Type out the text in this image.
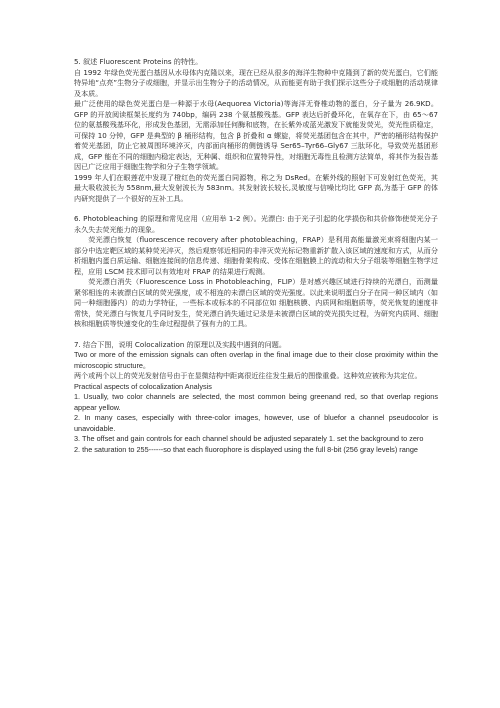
5. 叙述 Fluorescent Proteins 的特性。

自 1992 年绿色荧光蛋白基因从水母体内克隆以来，现在已经从很多的海洋生物种中克隆到了新的荧光蛋白，它们能特异地“点亮”生物分子或细胞，并显示出生物分子的活动情况，从而能更有助于我们探示这些分子或细胞的活动规律及本质。

最广泛使用的绿色荧光蛋白是一种源于水母(Aequorea Victoria)等海洋无脊椎动物的蛋白，分子量为 26.9KD。GFP 的开放阅读框架长度约为 740bp，编码 238 个氨基酸残基。GFP 表达后折叠环化，在氧存在下，由 65～67 位的氨基酸残基环化，形成发色基团，无需添加任何酶和底物，在长紫外或蓝光激发下就能发荧光，荧光性质稳定，可保持 10 分钟，GFP 是典型的 β 桶形结构，包含 β 折叠和 α 螺旋，将荧光基团包含在其中，严密的桶形结构保护着荧光基团，防止它被周围环境淬灭，内部面向桶形的侧链诱导 Ser65–Tyr66–Gly67 三肽环化，导致荧光基团形成，GFP 能在不同的细胞内稳定表达，无种属、组织和位置特异性，对细胞无毒性且检测方法简单，将其作为报告基因已广泛应用于细胞生物学和分子生物学领域。

1999 年人们在眼莲花中发现了橙红色的荧光蛋白同源物，称之为 DsRed。在紫外线的照射下可发射红色荧光，其最大吸收波长为 558nm,最大发射波长为 583nm。其发射波长较长,灵敏度与信噪比均比 GFP 高,为基于 GFP 的体内研究提供了一个很好的互补工具。

6. Photobleaching 的原理和常见应用（应用举 1-2 例）。光漂白: 由于光子引起的化学损伤和共价修饰使荧光分子永久失去荧光能力的现象。

荧光漂白恢复（fluorescence recovery after photobleaching，FRAP）是利用高能量激光束将细胞内某一部分中选定靶区域的某种荧光淬灭，然后观察邻近相同的非淬灭荧光标记物重新扩散入该区域的速度和方式，从而分析细胞内蛋白质运输、细胞连接间的信息传递、细胞骨架构成、受体在细胞膜上的流动和大分子组装等细胞生物学过程，应用 LSCM 技术即可以有效地对 FRAP 的结果进行观测。

荧光漂白消失（Fluorescence Loss in Photobleaching，FLIP）是对感兴趣区域进行持续的光漂白，而测量紧邻相连的未被漂白区域的荧光强度，或不相连的未漂白区域的荧光强度。以此来说明蛋白分子在同一种区域内（如同一种细胞器内）的动力学特征，一些标本或标本的不同部位如 细胞核膜、内质网和细胞质等，荧光恢复的速度非常快，荧光漂白与恢复几乎同时发生，荧光漂白消失通过记录是未被漂白区域的荧光损失过程，为研究内质网、细胞核和细胞质等快速变化的生命过程提供了强有力的工具。

7. 结合下图，说明 Colocalization 的原理以及实践中遇到的问题。

Two or more of the emission signals can often overlap in the final image due to their close proximity within the microscopic structure。

两个或两个以上的荧光发射信号由于在显微结构中距离很近往往发生最后的图像重叠。这种效应被称为共定位。

Practical aspects of colocalization Analysis

1. Usually, two color channels are selected, the most common being greenand red, so that overlap regions appear yellow.

2. In many cases, especially with three-color images, however, use of bluefor a channel pseudocolor is unavoidable.

3. The offset and gain controls for each channel should be adjusted separately 1. set the background to zero

2. the saturation to 255------so that each fluorophore is displayed using the full 8-bit (256 gray levels) range
